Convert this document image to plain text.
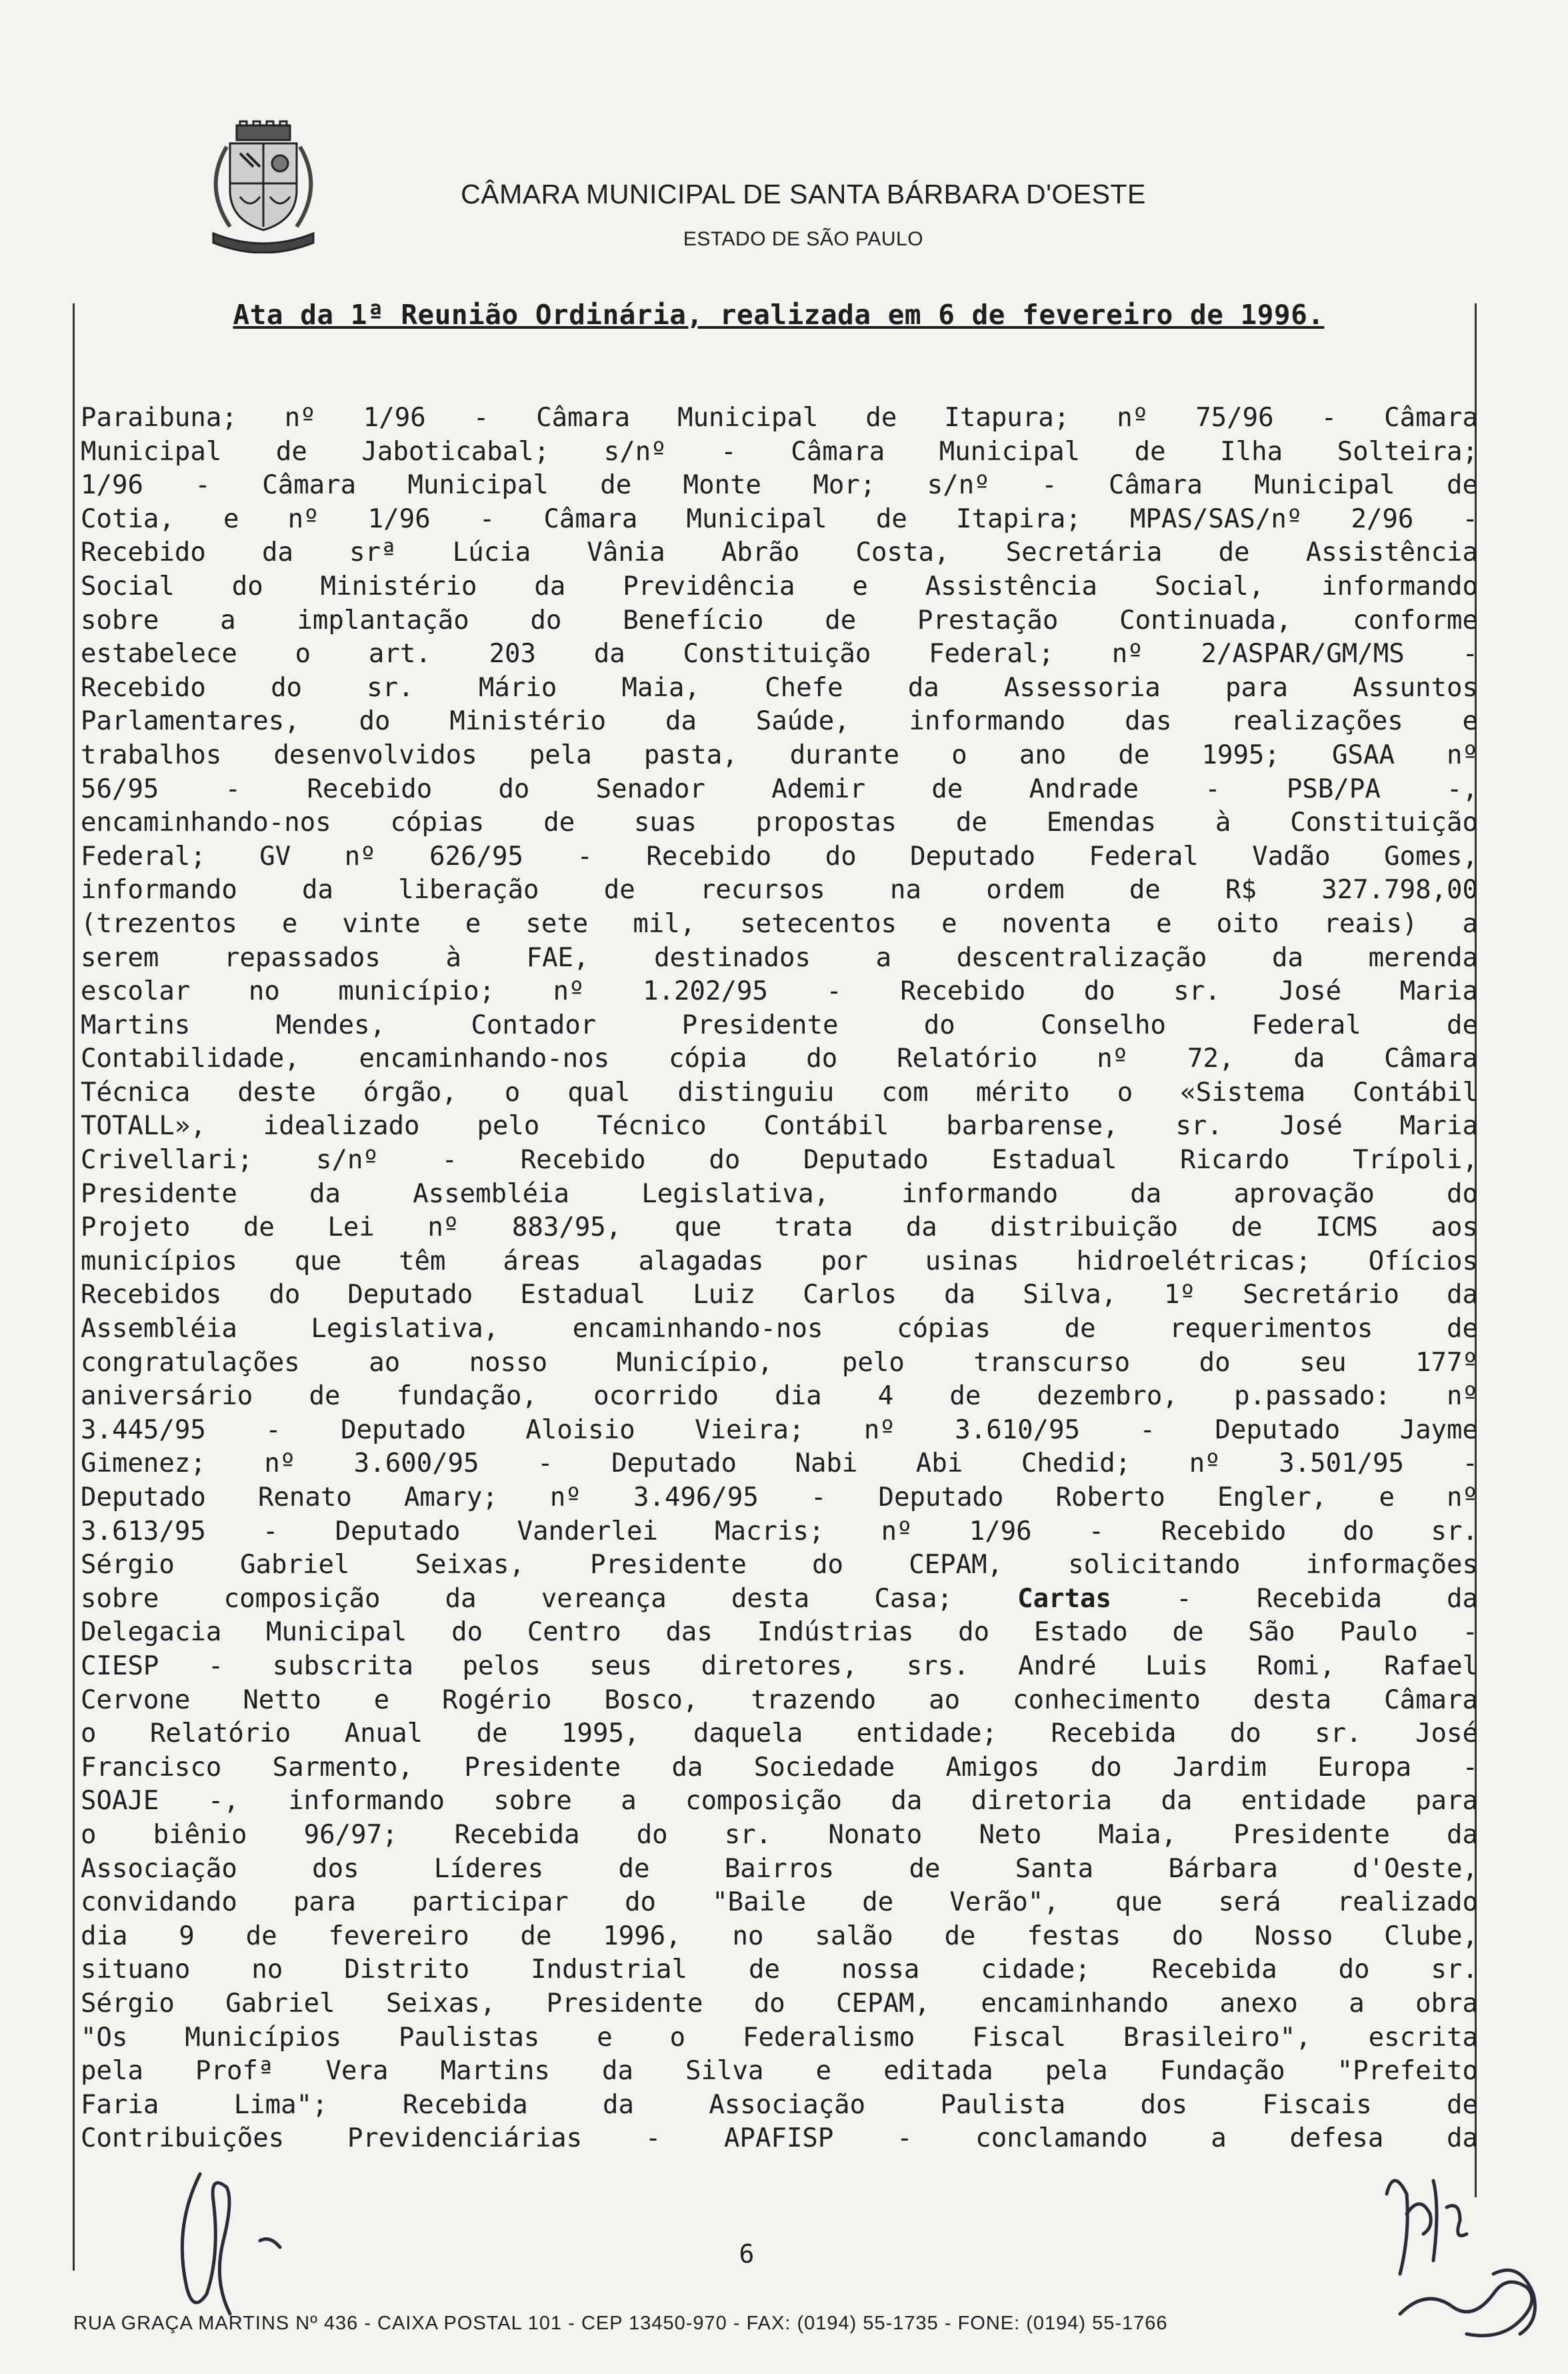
CÂMARA MUNICIPAL DE SANTA BÁRBARA D'OESTE
ESTADO DE SÃO PAULO
Ata da 1ª Reunião Ordinária, realizada em 6 de fevereiro de 1996.
Paraibuna; nº 1/96 - Câmara Municipal de Itapura; nº 75/96 - Câmara
Municipal de Jaboticabal; s/nº - Câmara Municipal de Ilha Solteira;
1/96 - Câmara Municipal de Monte Mor; s/nº - Câmara Municipal de
Cotia, e nº 1/96 - Câmara Municipal de Itapira; MPAS/SAS/nº 2/96 -
Recebido da srª Lúcia Vânia Abrão Costa, Secretária de Assistência
Social do Ministério da Previdência e Assistência Social, informando
sobre a implantação do Benefício de Prestação Continuada, conforme
estabelece o art. 203 da Constituição Federal; nº 2/ASPAR/GM/MS -
Recebido do sr. Mário Maia, Chefe da Assessoria para Assuntos
Parlamentares, do Ministério da Saúde, informando das realizações e
trabalhos desenvolvidos pela pasta, durante o ano de 1995; GSAA nº
56/95 - Recebido do Senador Ademir de Andrade - PSB/PA -,
encaminhando-nos cópias de suas propostas de Emendas à Constituição
Federal; GV nº 626/95 - Recebido do Deputado Federal Vadão Gomes,
informando da liberação de recursos na ordem de R$ 327.798,00
(trezentos e vinte e sete mil, setecentos e noventa e oito reais) a
serem repassados à FAE, destinados a descentralização da merenda
escolar no município; nº 1.202/95 - Recebido do sr. José Maria
Martins Mendes, Contador Presidente do Conselho Federal de
Contabilidade, encaminhando-nos cópia do Relatório nº 72, da Câmara
Técnica deste órgão, o qual distinguiu com mérito o «Sistema Contábil
TOTALL», idealizado pelo Técnico Contábil barbarense, sr. José Maria
Crivellari; s/nº - Recebido do Deputado Estadual Ricardo Trípoli,
Presidente da Assembléia Legislativa, informando da aprovação do
Projeto de Lei nº 883/95, que trata da distribuição de ICMS aos
municípios que têm áreas alagadas por usinas hidroelétricas; Ofícios
Recebidos do Deputado Estadual Luiz Carlos da Silva, 1º Secretário da
Assembléia Legislativa, encaminhando-nos cópias de requerimentos de
congratulações ao nosso Município, pelo transcurso do seu 177º
aniversário de fundação, ocorrido dia 4 de dezembro, p.passado: nº
3.445/95 - Deputado Aloisio Vieira; nº 3.610/95 - Deputado Jayme
Gimenez; nº 3.600/95 - Deputado Nabi Abi Chedid; nº 3.501/95 -
Deputado Renato Amary; nº 3.496/95 - Deputado Roberto Engler, e nº
3.613/95 - Deputado Vanderlei Macris; nº 1/96 - Recebido do sr.
Sérgio Gabriel Seixas, Presidente do CEPAM, solicitando informações
sobre composição da vereança desta Casa; Cartas - Recebida da
Delegacia Municipal do Centro das Indústrias do Estado de São Paulo -
CIESP - subscrita pelos seus diretores, srs. André Luis Romi, Rafael
Cervone Netto e Rogério Bosco, trazendo ao conhecimento desta Câmara
o Relatório Anual de 1995, daquela entidade; Recebida do sr. José
Francisco Sarmento, Presidente da Sociedade Amigos do Jardim Europa -
SOAJE -, informando sobre a composição da diretoria da entidade para
o biênio 96/97; Recebida do sr. Nonato Neto Maia, Presidente da
Associação dos Líderes de Bairros de Santa Bárbara d'Oeste,
convidando para participar do "Baile de Verão", que será realizado
dia 9 de fevereiro de 1996, no salão de festas do Nosso Clube,
situano no Distrito Industrial de nossa cidade; Recebida do sr.
Sérgio Gabriel Seixas, Presidente do CEPAM, encaminhando anexo a obra
"Os Municípios Paulistas e o Federalismo Fiscal Brasileiro", escrita
pela Profª Vera Martins da Silva e editada pela Fundação "Prefeito
Faria Lima"; Recebida da Associação Paulista dos Fiscais de
Contribuições Previdenciárias - APAFISP - conclamando a defesa da
6
RUA GRAÇA MARTINS Nº 436 - CAIXA POSTAL 101 - CEP 13450-970 - FAX: (0194) 55-1735 - FONE: (0194) 55-1766
